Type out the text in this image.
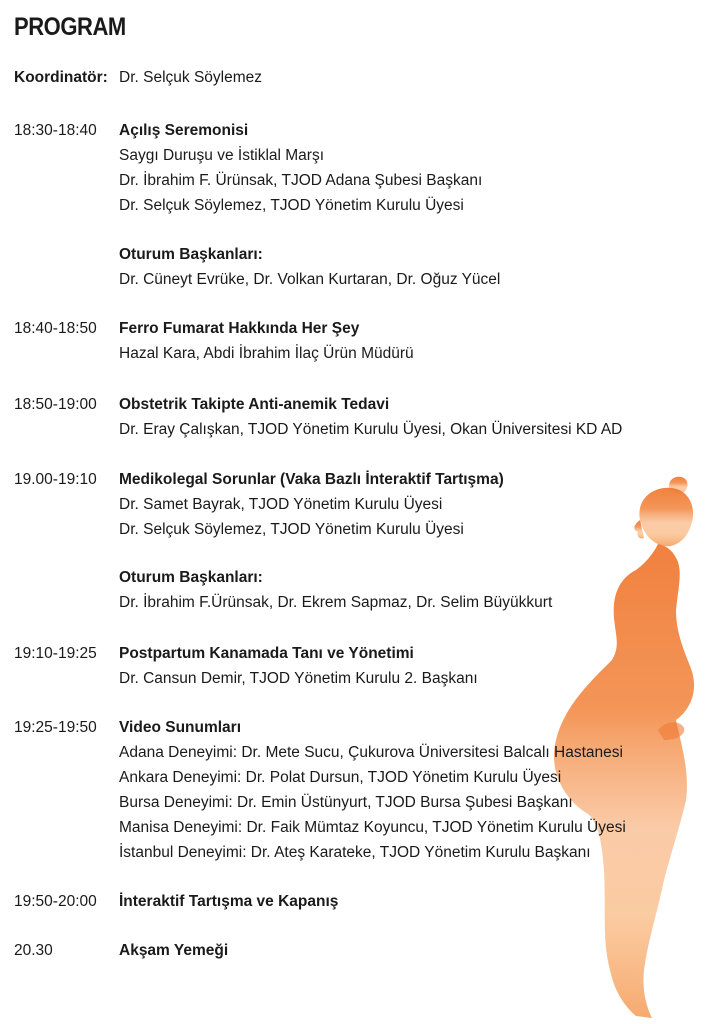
PROGRAM
Koordinatör: Dr. Selçuk Söylemez
18:30-18:40	Açılış Seremonisi
Saygı Duruşu ve İstiklal Marşı
Dr. İbrahim F. Ürünsak, TJOD Adana Şubesi Başkanı
Dr. Selçuk Söylemez, TJOD Yönetim Kurulu Üyesi
Oturum Başkanları:
Dr. Cüneyt Evrüke, Dr. Volkan Kurtaran, Dr. Oğuz Yücel
18:40-18:50	Ferro Fumarat Hakkında Her Şey
Hazal Kara, Abdi İbrahim İlaç Ürün Müdürü
18:50-19:00	Obstetrik Takipte Anti-anemik Tedavi
Dr. Eray Çalışkan, TJOD Yönetim Kurulu Üyesi, Okan Üniversitesi KD AD
19.00-19:10	Medikolegal Sorunlar (Vaka Bazlı İnteraktif Tartışma)
Dr. Samet Bayrak, TJOD Yönetim Kurulu Üyesi
Dr. Selçuk Söylemez, TJOD Yönetim Kurulu Üyesi
Oturum Başkanları:
Dr. İbrahim F.Ürünsak, Dr. Ekrem Sapmaz, Dr. Selim Büyükkurt
19:10-19:25	Postpartum Kanamada Tanı ve Yönetimi
Dr. Cansun Demir, TJOD Yönetim Kurulu 2. Başkanı
19:25-19:50	Video Sunumları
Adana Deneyimi: Dr. Mete Sucu, Çukurova Üniversitesi Balcalı Hastanesi
Ankara Deneyimi: Dr. Polat Dursun, TJOD Yönetim Kurulu Üyesi
Bursa Deneyimi: Dr. Emin Üstünyurt, TJOD Bursa Şubesi Başkanı
Manisa Deneyimi: Dr. Faik Mümtaz Koyuncu, TJOD Yönetim Kurulu Üyesi
İstanbul Deneyimi: Dr. Ateş Karateke, TJOD Yönetim Kurulu Başkanı
19:50-20:00	İnteraktif Tartışma ve Kapanış
20.30	Akşam Yemeği
